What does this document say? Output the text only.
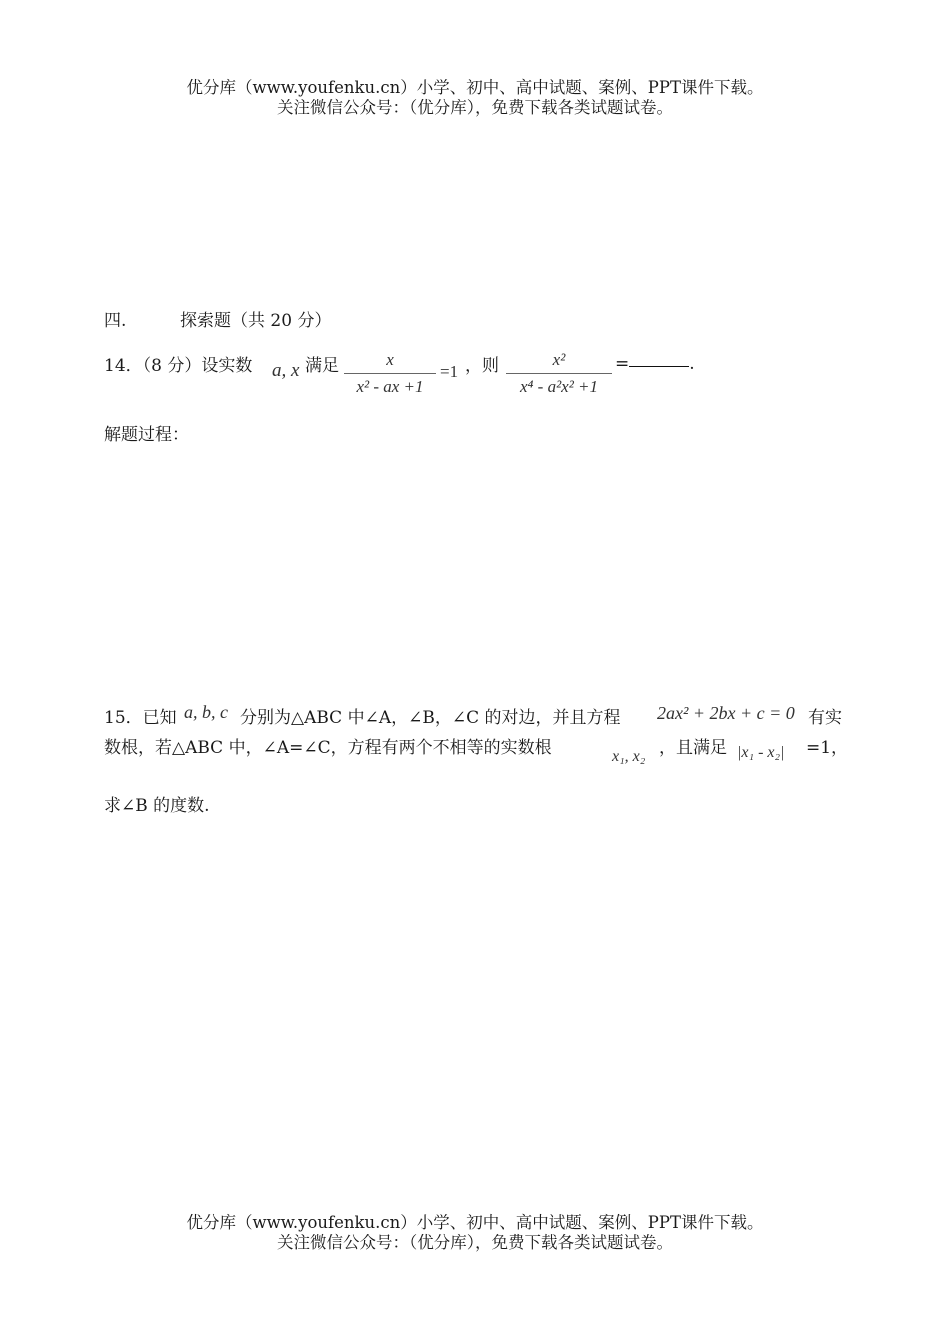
优分库（www.youfenku.cn）小学、初中、高中试题、案例、PPT课件下载。
关注微信公众号：（优分库），免费下载各类试题试卷。
四.	探索题（共 20 分）
14．（8 分）设实数 a, x 满足	x
x² - ax +1
=1 ，则	x²
x⁴ - a²x² +1
=	.
解题过程：
15．已知 a, b, c 分别为△ABC 中∠A，∠B，∠C 的对边，并且方程 2ax² + 2bx + c = 0 有实
数根，若△ABC 中，∠A=∠C，方程有两个不相等的实数根	x₁, x₂ ，且满足 |x₁ - x₂| =1，
求∠B 的度数.
优分库（www.youfenku.cn）小学、初中、高中试题、案例、PPT课件下载。
关注微信公众号：（优分库），免费下载各类试题试卷。
